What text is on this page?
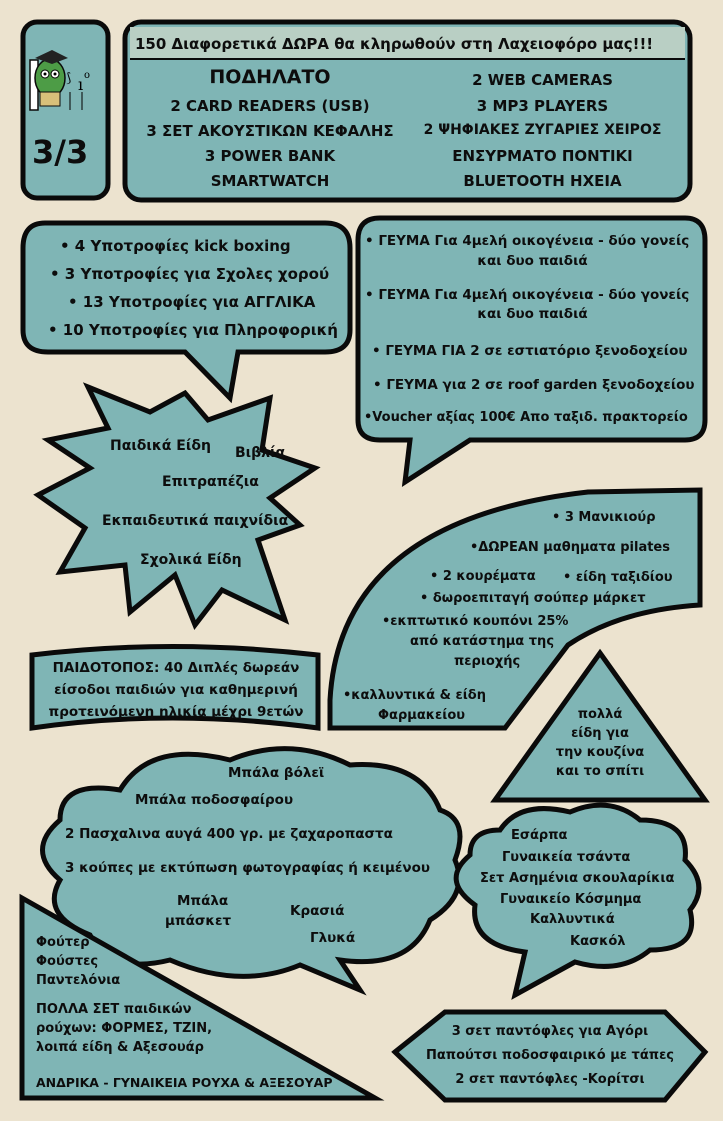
⟆ ı o
3/3
150 Διαφορετικά ΔΩΡΑ θα κληρωθούν στη Λαχειοφόρο μας!!!
ΠΟΔΗΛΑΤΟ
2 CARD READERS (USB)
3 ΣΕΤ ΑΚΟΥΣΤΙΚΩΝ ΚΕΦΑΛΗΣ
3 POWER BANK
SMARTWATCH
2 WEB CAMERAS
3 MP3 PLAYERS
2 ΨΗΦΙΑΚΕΣ ΖΥΓΑΡΙΕΣ ΧΕΙΡΟΣ
ΕΝΣΥΡΜΑΤΟ ΠΟΝΤΙΚΙ
BLUETOOTH ΗΧΕΙΑ
• 4 Υποτροφίες kick boxing
• 3 Υποτροφίες για Σχολες χορού
• 13 Υποτροφίες για ΑΓΓΛΙΚΑ
• 10 Υποτροφίες για Πληροφορική
• ΓΕΥΜΑ Για 4μελή οικογένεια - δύο γονείς
και δυο παιδιά
• ΓΕΥΜΑ Για 4μελή οικογένεια - δύο γονείς
και δυο παιδιά
• ΓΕΥΜΑ ΓΙΑ 2 σε εστιατόριο ξενοδοχείου
• ΓΕΥΜΑ για 2 σε roof garden ξενοδοχείου
•Voucher αξίας 100€ Απο ταξιδ. πρακτορείο
Παιδικά Είδη Βιβλία
Επιτραπέζια
Εκπαιδευτικά παιχνίδια
Σχολικά Είδη
• 3 Μανικιούρ
•ΔΩΡΕΑΝ μαθηματα pilates
• 2 κουρέματα • είδη ταξιδίου
• δωροεπιταγή σούπερ μάρκετ
•εκπτωτικό κουπόνι 25%
από κατάστημα της
περιοχής
•καλλυντικά & είδη
Φαρμακείου
ΠΑΙΔΟΤΟΠΟΣ: 40 Διπλές δωρεάν
είσοδοι παιδιών για καθημερινή
προτεινόμενη ηλικία μέχρι 9ετών	πολλά
είδη για
την κουζίνα
και το σπίτι
Μπάλα βόλεϊ
Μπάλα ποδοσφαίρου
2 Πασχαλινα αυγά 400 γρ. με ζαχαροπαστα
3 κούπες με εκτύπωση φωτογραφίας ή κειμένου
Μπάλα
μπάσκετ
Κρασιά
Γλυκά
Εσάρπα
Γυναικεία τσάντα
Σετ Ασημένια σκουλαρίκια
Γυναικείο Κόσμημα
Καλλυντικά
Κασκόλ
Φούτερ
Φούστες
Παντελόνια
ΠΟΛΛΑ ΣΕΤ παιδικών
ρούχων: ΦΟΡΜΕΣ, ΤΖΙΝ,
λοιπά είδη & Αξεσουάρ
ΑΝΔΡΙΚΑ - ΓΥΝΑΙΚΕΙΑ ΡΟΥΧΑ & ΑΞΕΣΟΥΑΡ
3 σετ παντόφλες για Αγόρι
Παπούτσι ποδοσφαιρικό με τάπες
2 σετ παντόφλες -Κορίτσι
